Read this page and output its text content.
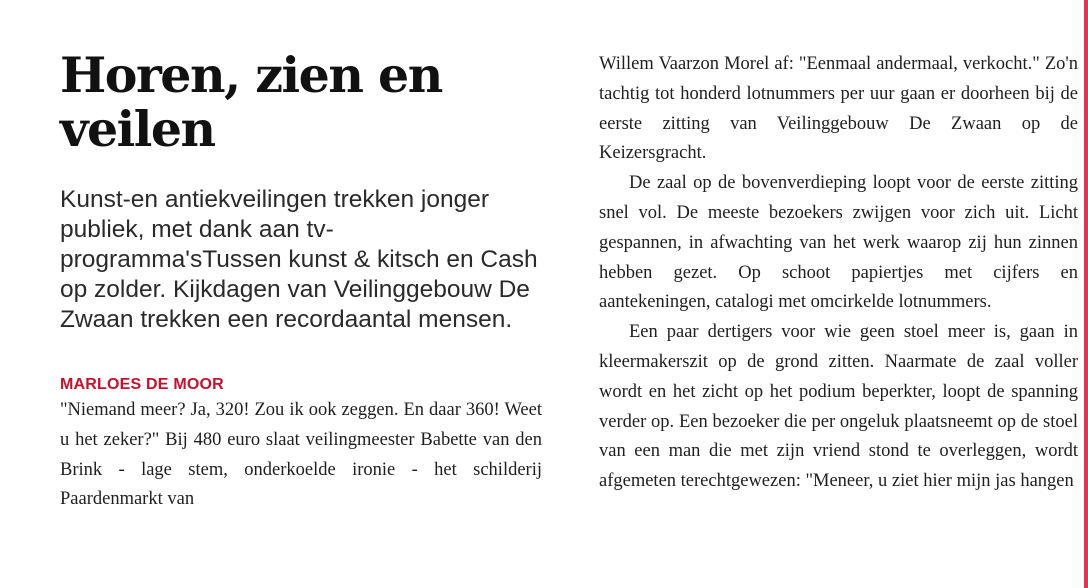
Horen, zien en veilen

Kunst-en antiekveilingen trekken jonger publiek, met dank aan tv-programma'sTussen kunst & kitsch en Cash op zolder. Kijkdagen van Veilinggebouw De Zwaan trekken een recordaantal mensen.

MARLOES DE MOOR

"Niemand meer? Ja, 320! Zou ik ook zeggen. En daar 360! Weet u het zeker?" Bij 480 euro slaat veilingmeester Babette van den Brink - lage stem, onderkoelde ironie - het schilderij Paardenmarkt van

Willem Vaarzon Morel af: "Eenmaal andermaal, verkocht." Zo'n tachtig tot honderd lotnummers per uur gaan er doorheen bij de eerste zitting van Veilinggebouw De Zwaan op de Keizersgracht.

De zaal op de bovenverdieping loopt voor de eerste zitting snel vol. De meeste bezoekers zwijgen voor zich uit. Licht gespannen, in afwachting van het werk waarop zij hun zinnen hebben gezet. Op schoot papiertjes met cijfers en aantekeningen, catalogi met omcirkelde lotnummers.

Een paar dertigers voor wie geen stoel meer is, gaan in kleermakerszit op de grond zitten. Naarmate de zaal voller wordt en het zicht op het podium beperkter, loopt de spanning verder op. Een bezoeker die per ongeluk plaatsneemt op de stoel van een man die met zijn vriend stond te overleggen, wordt afgemeten terechtgewezen: "Meneer, u ziet hier mijn jas hangen
